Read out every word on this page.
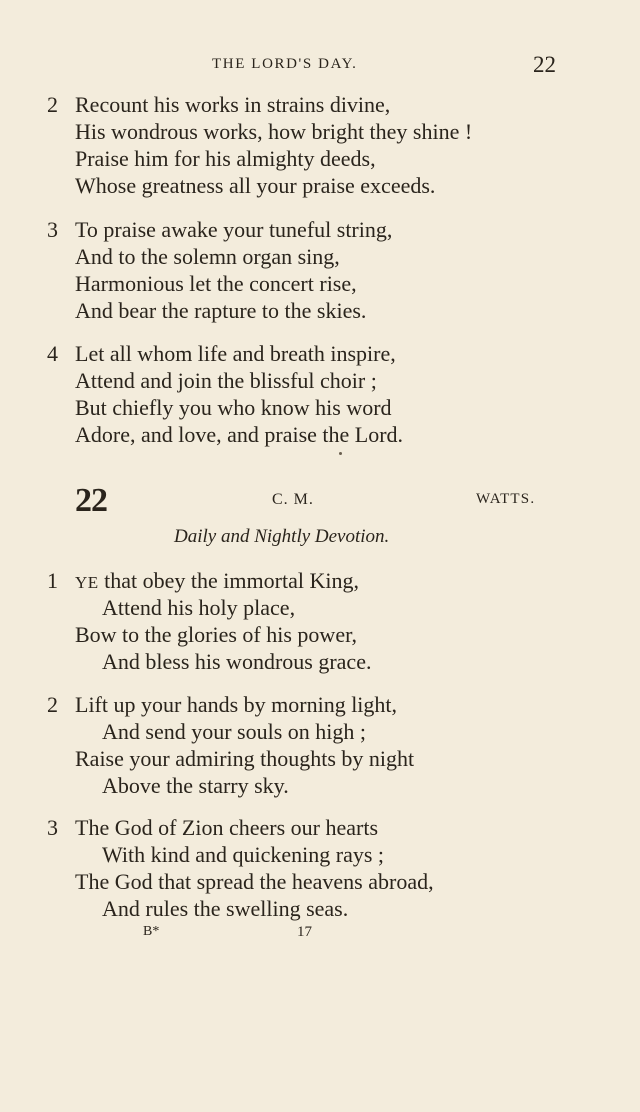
THE LORD'S DAY.	22
2 Recount his works in strains divine,
His wondrous works, how bright they shine !
Praise him for his almighty deeds,
Whose greatness all your praise exceeds.
3 To praise awake your tuneful string,
And to the solemn organ sing,
Harmonious let the concert rise,
And bear the rapture to the skies.
4 Let all whom life and breath inspire,
Attend and join the blissful choir ;
But chiefly you who know his word
Adore, and love, and praise the Lord.
22	C. M.	WATTS.
Daily and Nightly Devotion.
1 YE that obey the immortal King,
Attend his holy place,
Bow to the glories of his power,
And bless his wondrous grace.
2 Lift up your hands by morning light,
And send your souls on high ;
Raise your admiring thoughts by night
Above the starry sky.
3 The God of Zion cheers our hearts
With kind and quickening rays ;
The God that spread the heavens abroad,
And rules the swelling seas.
B*	17
